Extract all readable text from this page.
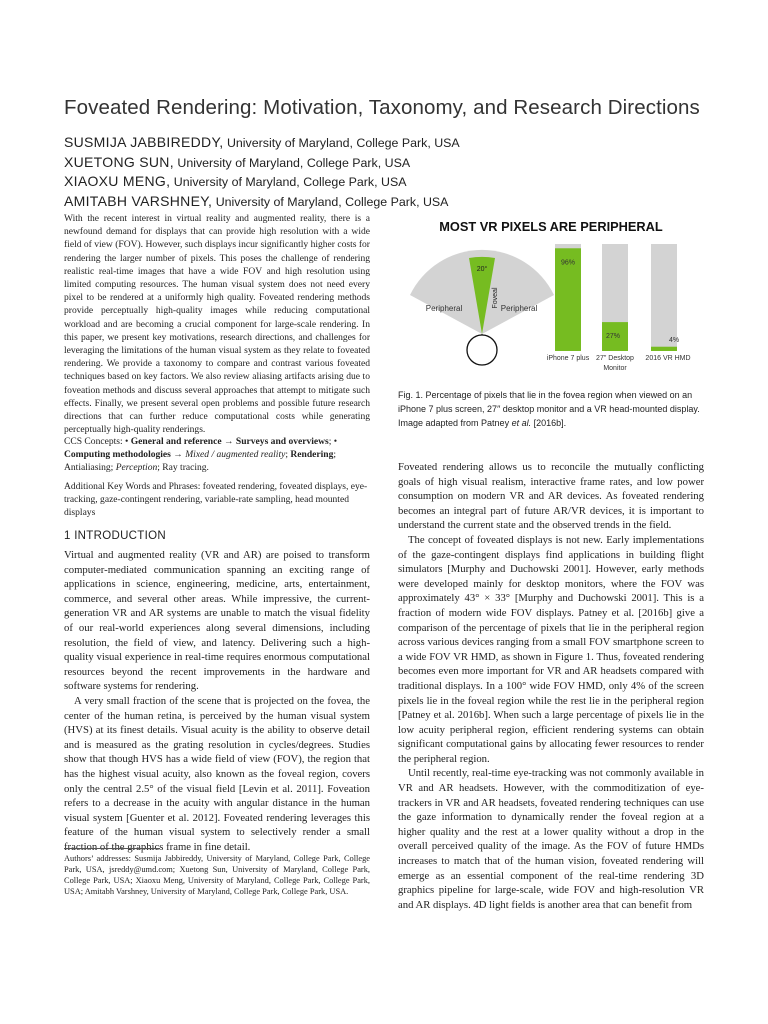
Foveated Rendering: Motivation, Taxonomy, and Research Directions
SUSMIJA JABBIREDDY, University of Maryland, College Park, USA
XUETONG SUN, University of Maryland, College Park, USA
XIAOXU MENG, University of Maryland, College Park, USA
AMITABH VARSHNEY, University of Maryland, College Park, USA
With the recent interest in virtual reality and augmented reality, there is a newfound demand for displays that can provide high resolution with a wide field of view (FOV). However, such displays incur significantly higher costs for rendering the larger number of pixels. This poses the challenge of rendering realistic real-time images that have a wide FOV and high resolution using limited computing resources. The human visual system does not need every pixel to be rendered at a uniformly high quality. Foveated rendering methods provide perceptually high-quality images while reducing computational workload and are becoming a crucial component for large-scale rendering. In this paper, we present key motivations, research directions, and challenges for leveraging the limitations of the human visual system as they relate to foveated rendering. We provide a taxonomy to compare and contrast various foveated techniques based on key factors. We also review aliasing artifacts arising due to foveation methods and discuss several approaches that attempt to mitigate such effects. Finally, we present several open problems and possible future research directions that can further reduce computational costs while generating perceptually high-quality renderings.
CCS Concepts: • General and reference → Surveys and overviews; • Computing methodologies → Mixed / augmented reality; Rendering; Antialiasing; Perception; Ray tracing.
Additional Key Words and Phrases: foveated rendering, foveated displays, eye-tracking, gaze-contingent rendering, variable-rate sampling, head mounted displays
1 INTRODUCTION

Virtual and augmented reality (VR and AR) are poised to transform computer-mediated communication spanning an exciting range of applications in science, engineering, medicine, arts, entertainment, commerce, and several other areas. While impressive, the current-generation VR and AR systems are unable to match the visual fidelity of our real-world experiences along several dimensions, including resolution, the field of view, and latency. Delivering such a high-quality visual experience in real-time requires enormous computational resources beyond the recent improvements in the hardware and software systems for rendering.

A very small fraction of the scene that is projected on the fovea, the center of the human retina, is perceived by the human visual system (HVS) at its finest details. Visual acuity is the ability to observe detail and is measured as the grating resolution in cycles/degrees. Studies show that though HVS has a wide field of view (FOV), the region that has the highest visual acuity, also known as the foveal region, covers only the central 2.5° of the visual field [Levin et al. 2011]. Foveation refers to a decrease in the acuity with angular distance in the human visual system [Guenter et al. 2012]. Foveated rendering leverages this feature of the human visual system to selectively render a small fraction of the graphics frame in fine detail.

Authors’ addresses: Susmija Jabbireddy, University of Maryland, College Park, College Park, USA, jsreddy@umd.com; Xuetong Sun, University of Maryland, College Park, College Park, USA; Xiaoxu Meng, University of Maryland, College Park, College Park, USA; Amitabh Varshney, University of Maryland, College Park, College Park, USA.
MOST VR PIXELS ARE PERIPHERAL
20°
Foveal
Peripheral	Peripheral
96%
iPhone 7 plus
27%
27" Desktop
Monitor
4%
2016 VR HMD
Fig. 1. Percentage of pixels that lie in the fovea region when viewed on an iPhone 7 plus screen, 27″ desktop monitor and a VR head-mounted display. Image adapted from Patney et al. [2016b].

Foveated rendering allows us to reconcile the mutually conflicting goals of high visual realism, interactive frame rates, and low power consumption on modern VR and AR devices. As foveated rendering becomes an integral part of future AR/VR devices, it is important to understand the current state and the observed trends in the field.

The concept of foveated displays is not new. Early implementations of the gaze-contingent displays find applications in building flight simulators [Murphy and Duchowski 2001]. However, early methods were developed mainly for desktop monitors, where the FOV was approximately 43° × 33° [Murphy and Duchowski 2001]. This is a fraction of modern wide FOV displays. Patney et al. [2016b] give a comparison of the percentage of pixels that lie in the peripheral region across various devices ranging from a small FOV smartphone screen to a wide FOV VR HMD, as shown in Figure 1. Thus, foveated rendering becomes even more important for VR and AR headsets compared with traditional displays. In a 100° wide FOV HMD, only 4% of the screen pixels lie in the foveal region while the rest lie in the peripheral region [Patney et al. 2016b]. When such a large percentage of pixels lie in the low acuity peripheral region, efficient rendering systems can obtain significant computational gains by allocating fewer resources to render the peripheral region.

Until recently, real-time eye-tracking was not commonly available in VR and AR headsets. However, with the commoditization of eye-trackers in VR and AR headsets, foveated rendering techniques can use the gaze information to dynamically render the foveal region at a higher quality and the rest at a lower quality without a drop in the overall perceived quality of the image. As the FOV of future HMDs increases to match that of the human vision, foveated rendering will emerge as an essential component of the real-time rendering 3D graphics pipeline for large-scale, wide FOV and high-resolution VR and AR displays. 4D light fields is another area that can benefit from
